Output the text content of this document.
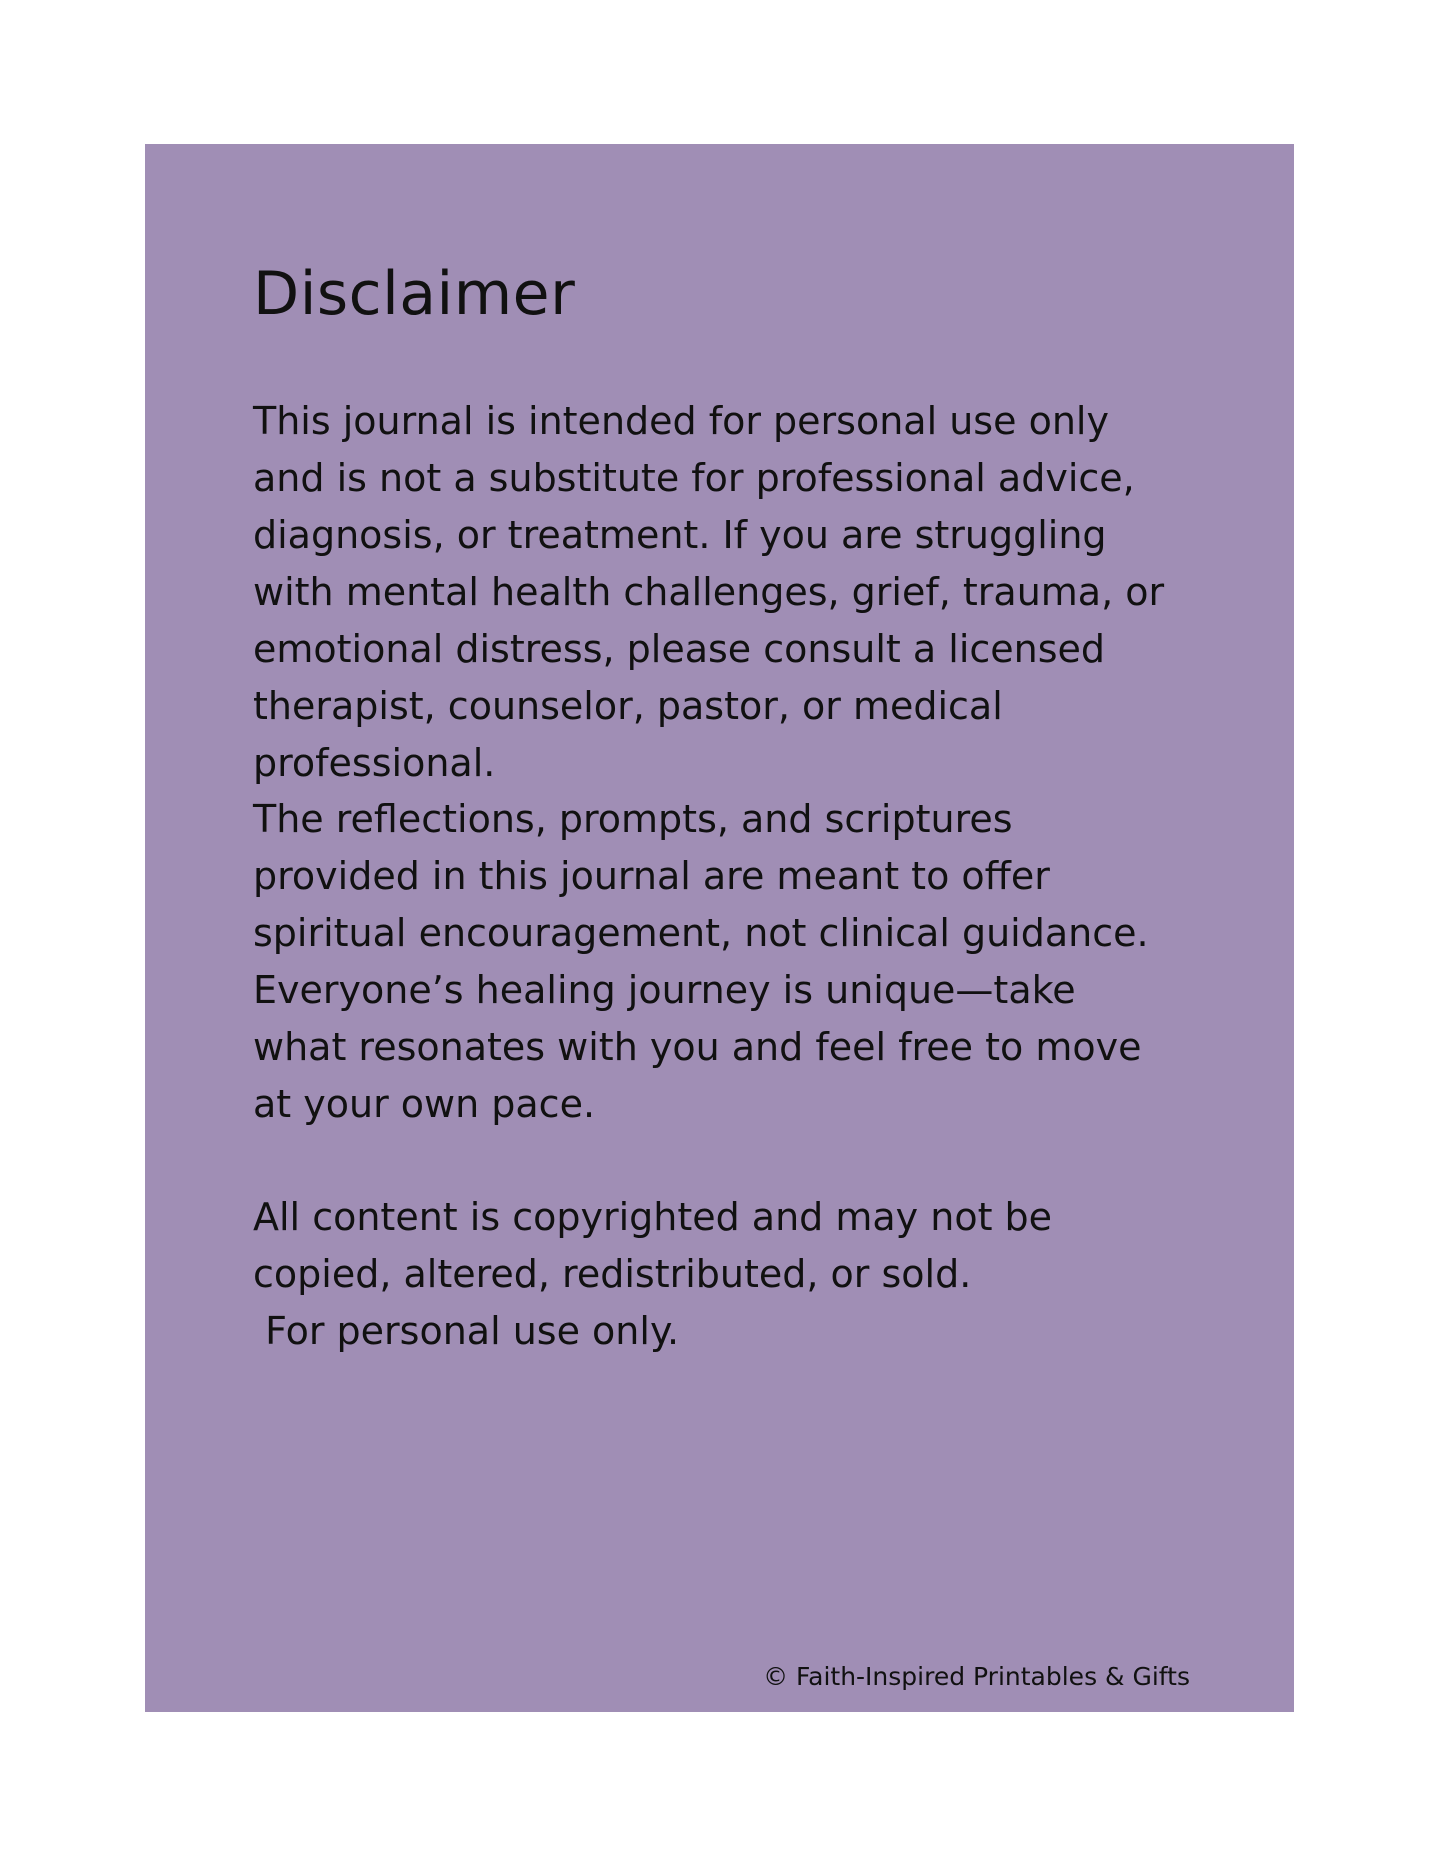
Disclaimer

This journal is intended for personal use only
and is not a substitute for professional advice,
diagnosis, or treatment. If you are struggling
with mental health challenges, grief, trauma, or
emotional distress, please consult a licensed
therapist, counselor, pastor, or medical
professional.

The reflections, prompts, and scriptures
provided in this journal are meant to offer
spiritual encouragement, not clinical guidance.
Everyone’s healing journey is unique—take
what resonates with you and feel free to move
at your own pace.

All content is copyrighted and may not be
copied, altered, redistributed, or sold.
For personal use only.

© Faith-Inspired Printables & Gifts
